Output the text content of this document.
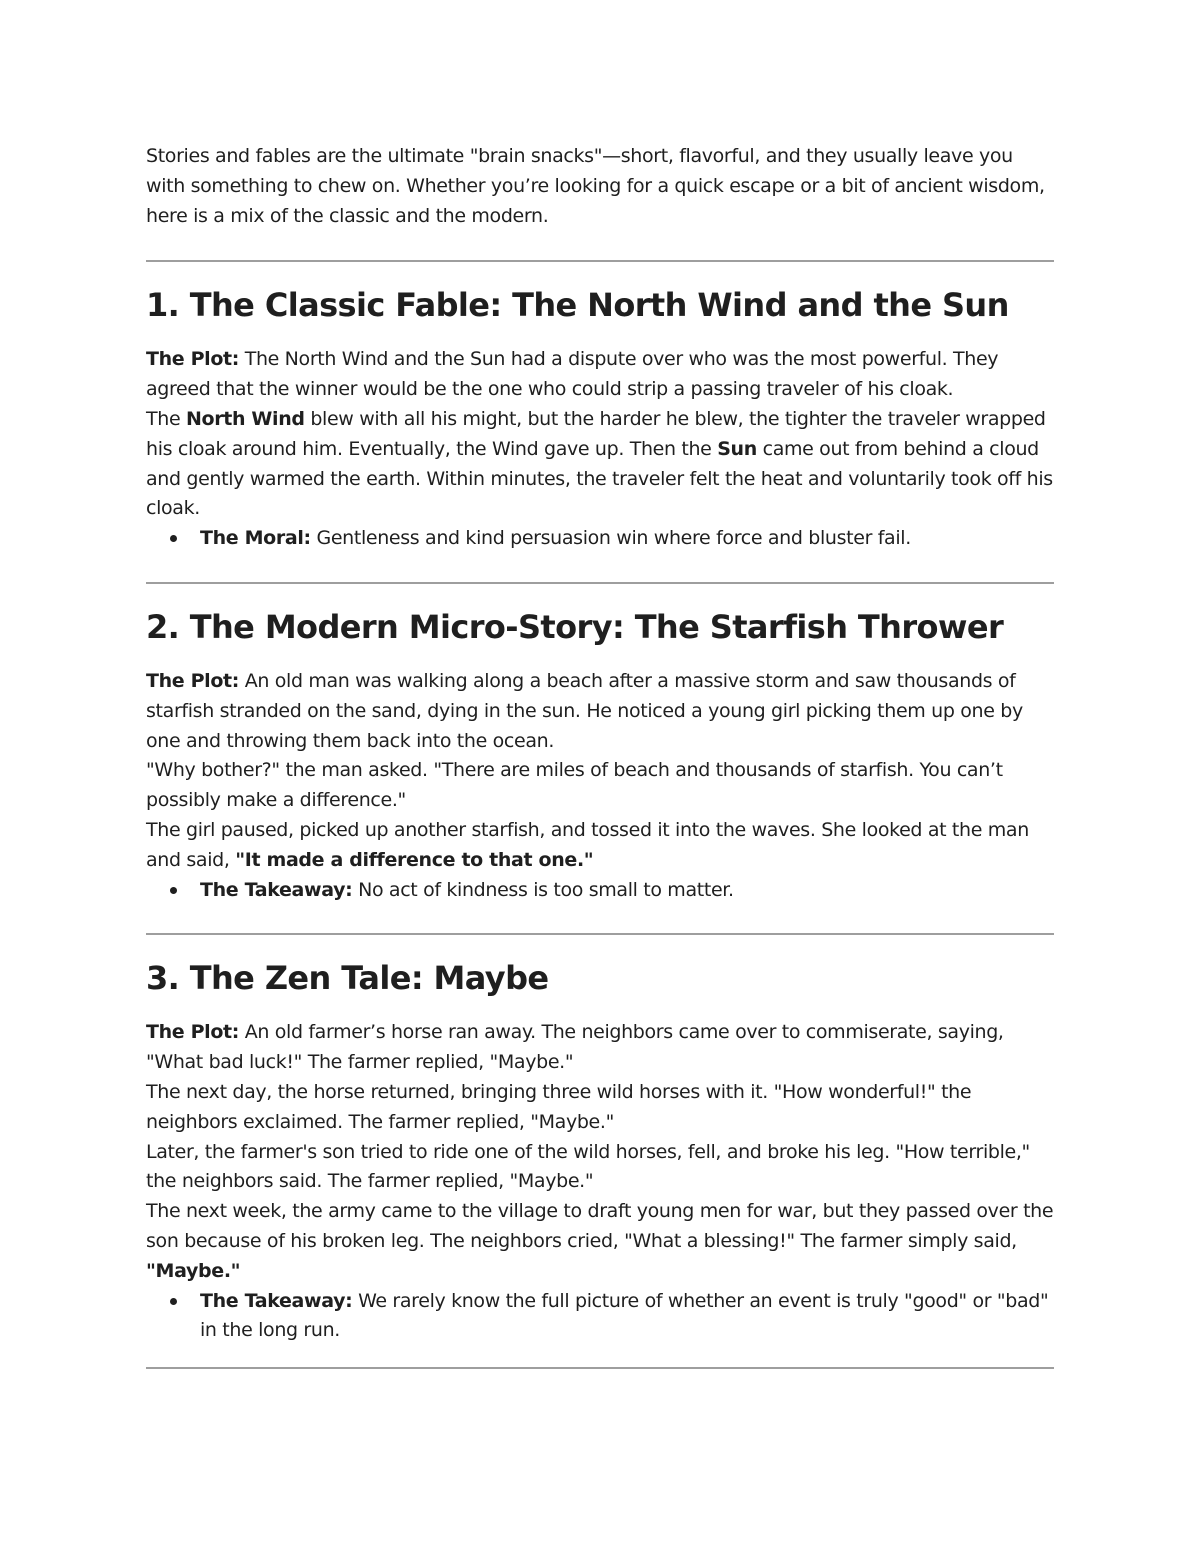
Stories and fables are the ultimate "brain snacks"—short, flavorful, and they usually leave you with something to chew on. Whether you’re looking for a quick escape or a bit of ancient wisdom, here is a mix of the classic and the modern.

1. The Classic Fable: The North Wind and the Sun

The Plot: The North Wind and the Sun had a dispute over who was the most powerful. They agreed that the winner would be the one who could strip a passing traveler of his cloak.

The North Wind blew with all his might, but the harder he blew, the tighter the traveler wrapped his cloak around him. Eventually, the Wind gave up. Then the Sun came out from behind a cloud and gently warmed the earth. Within minutes, the traveler felt the heat and voluntarily took off his cloak.

The Moral: Gentleness and kind persuasion win where force and bluster fail.
2. The Modern Micro-Story: The Starfish Thrower

The Plot: An old man was walking along a beach after a massive storm and saw thousands of starfish stranded on the sand, dying in the sun. He noticed a young girl picking them up one by one and throwing them back into the ocean.

"Why bother?" the man asked. "There are miles of beach and thousands of starfish. You can’t possibly make a difference."

The girl paused, picked up another starfish, and tossed it into the waves. She looked at the man and said, "It made a difference to that one."

The Takeaway: No act of kindness is too small to matter.
3. The Zen Tale: Maybe

The Plot: An old farmer’s horse ran away. The neighbors came over to commiserate, saying, "What bad luck!" The farmer replied, "Maybe."

The next day, the horse returned, bringing three wild horses with it. "How wonderful!" the neighbors exclaimed. The farmer replied, "Maybe."

Later, the farmer's son tried to ride one of the wild horses, fell, and broke his leg. "How terrible," the neighbors said. The farmer replied, "Maybe."

The next week, the army came to the village to draft young men for war, but they passed over the son because of his broken leg. The neighbors cried, "What a blessing!" The farmer simply said, "Maybe."

The Takeaway: We rarely know the full picture of whether an event is truly "good" or "bad" in the long run.
